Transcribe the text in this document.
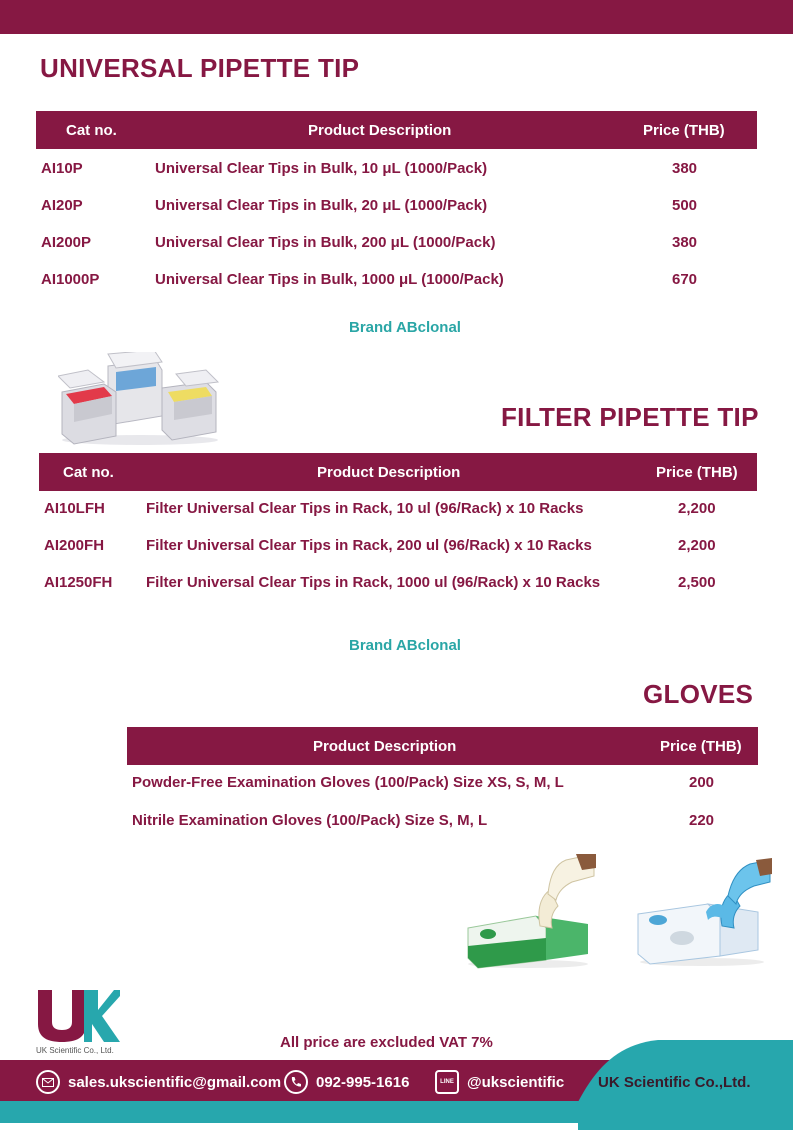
UNIVERSAL PIPETTE TIP
Cat no.	Product Description	Price (THB)
AI10P	Universal Clear Tips in Bulk, 10 μL (1000/Pack)	380
AI20P	Universal Clear Tips in Bulk, 20 μL (1000/Pack)	500
AI200P	Universal Clear Tips in Bulk, 200 μL (1000/Pack)	380
AI1000P	Universal Clear Tips in Bulk, 1000 μL (1000/Pack)	670
Brand ABclonal
FILTER PIPETTE TIP
Cat no.	Product Description	Price (THB)
AI10LFH	Filter Universal Clear Tips in Rack, 10 ul (96/Rack) x 10 Racks	2,200
AI200FH	Filter Universal Clear Tips in Rack, 200 ul (96/Rack) x 10 Racks	2,200
AI1250FH Filter Universal Clear Tips in Rack, 1000 ul (96/Rack) x 10 Racks	2,500
Brand ABclonal
GLOVES
Product Description	Price (THB)
Powder-Free Examination Gloves (100/Pack) Size XS, S, M, L	200
Nitrile Examination Gloves (100/Pack) Size S, M, L	220
UK Scientific Co., Ltd.	All price are excluded VAT 7%
sales.ukscientific@gmail.com 092-995-1616	LINE @ukscientific UK Scientific Co.,Ltd.
